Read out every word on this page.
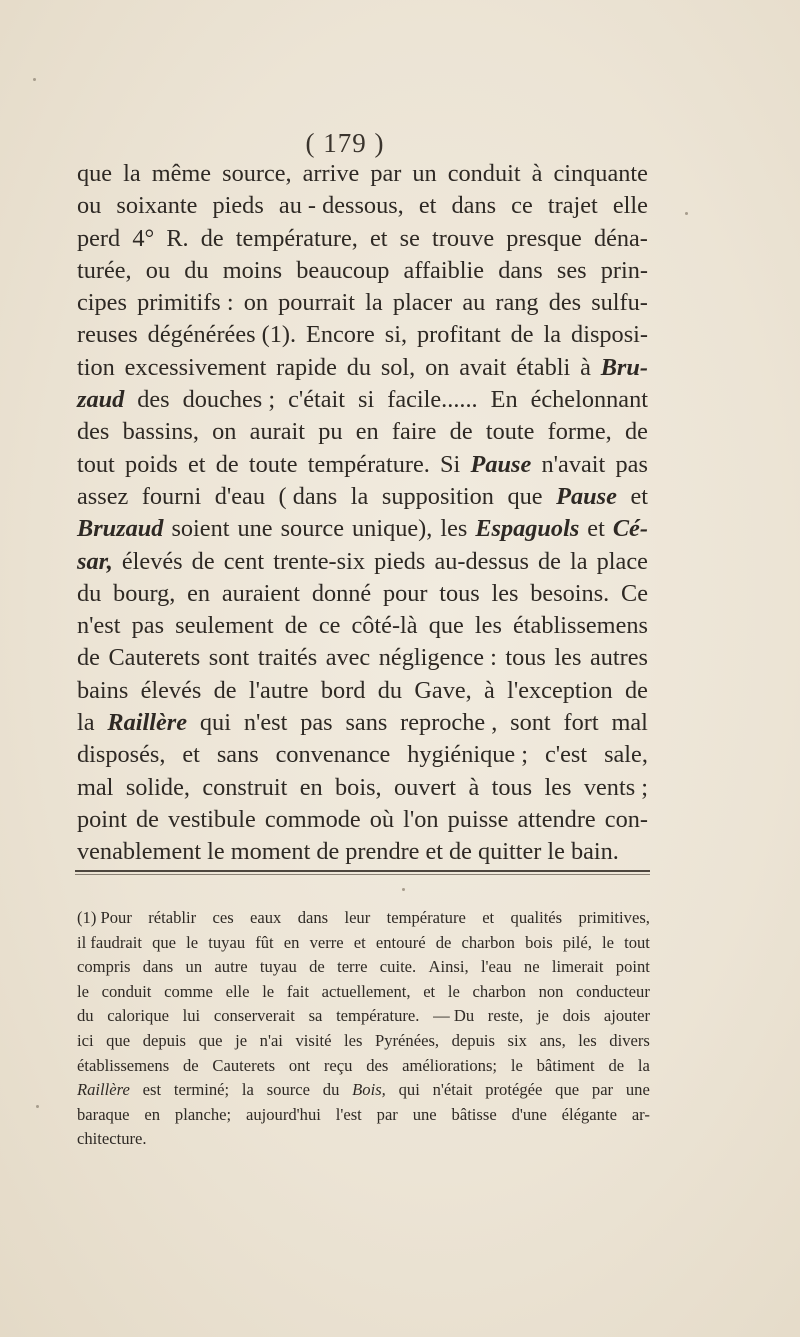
( 179 )
que la même source, arrive par un conduit à cinquante
ou soixante pieds au - dessous, et dans ce trajet elle
perd 4° R. de température, et se trouve presque déna-
turée, ou du moins beaucoup affaiblie dans ses prin-
cipes primitifs : on pourrait la placer au rang des sulfu-
reuses dégénérées (1). Encore si, profitant de la disposi-
tion excessivement rapide du sol, on avait établi à Bru-
zaud des douches ; c'était si facile...... En échelonnant
des bassins, on aurait pu en faire de toute forme, de
tout poids et de toute température. Si Pause n'avait pas
assez fourni d'eau ( dans la supposition que Pause et
Bruzaud soient une source unique), les Espaguols et Cé-
sar, élevés de cent trente-six pieds au-dessus de la place
du bourg, en auraient donné pour tous les besoins. Ce
n'est pas seulement de ce côté-là que les établissemens
de Cauterets sont traités avec négligence : tous les autres
bains élevés de l'autre bord du Gave, à l'exception de
la Raillère qui n'est pas sans reproche , sont fort mal
disposés, et sans convenance hygiénique ; c'est sale,
mal solide, construit en bois, ouvert à tous les vents ;
point de vestibule commode où l'on puisse attendre con-
venablement le moment de prendre et de quitter le bain.
(1) Pour rétablir ces eaux dans leur température et qualités primitives,
il faudrait que le tuyau fût en verre et entouré de charbon bois pilé, le tout
compris dans un autre tuyau de terre cuite. Ainsi, l'eau ne limerait point
le conduit comme elle le fait actuellement, et le charbon non conducteur
du calorique lui conserverait sa température. — Du reste, je dois ajouter
ici que depuis que je n'ai visité les Pyrénées, depuis six ans, les divers
établissemens de Cauterets ont reçu des améliorations; le bâtiment de la
Raillère est terminé; la source du Bois, qui n'était protégée que par une
baraque en planche; aujourd'hui l'est par une bâtisse d'une élégante ar-
chitecture.
